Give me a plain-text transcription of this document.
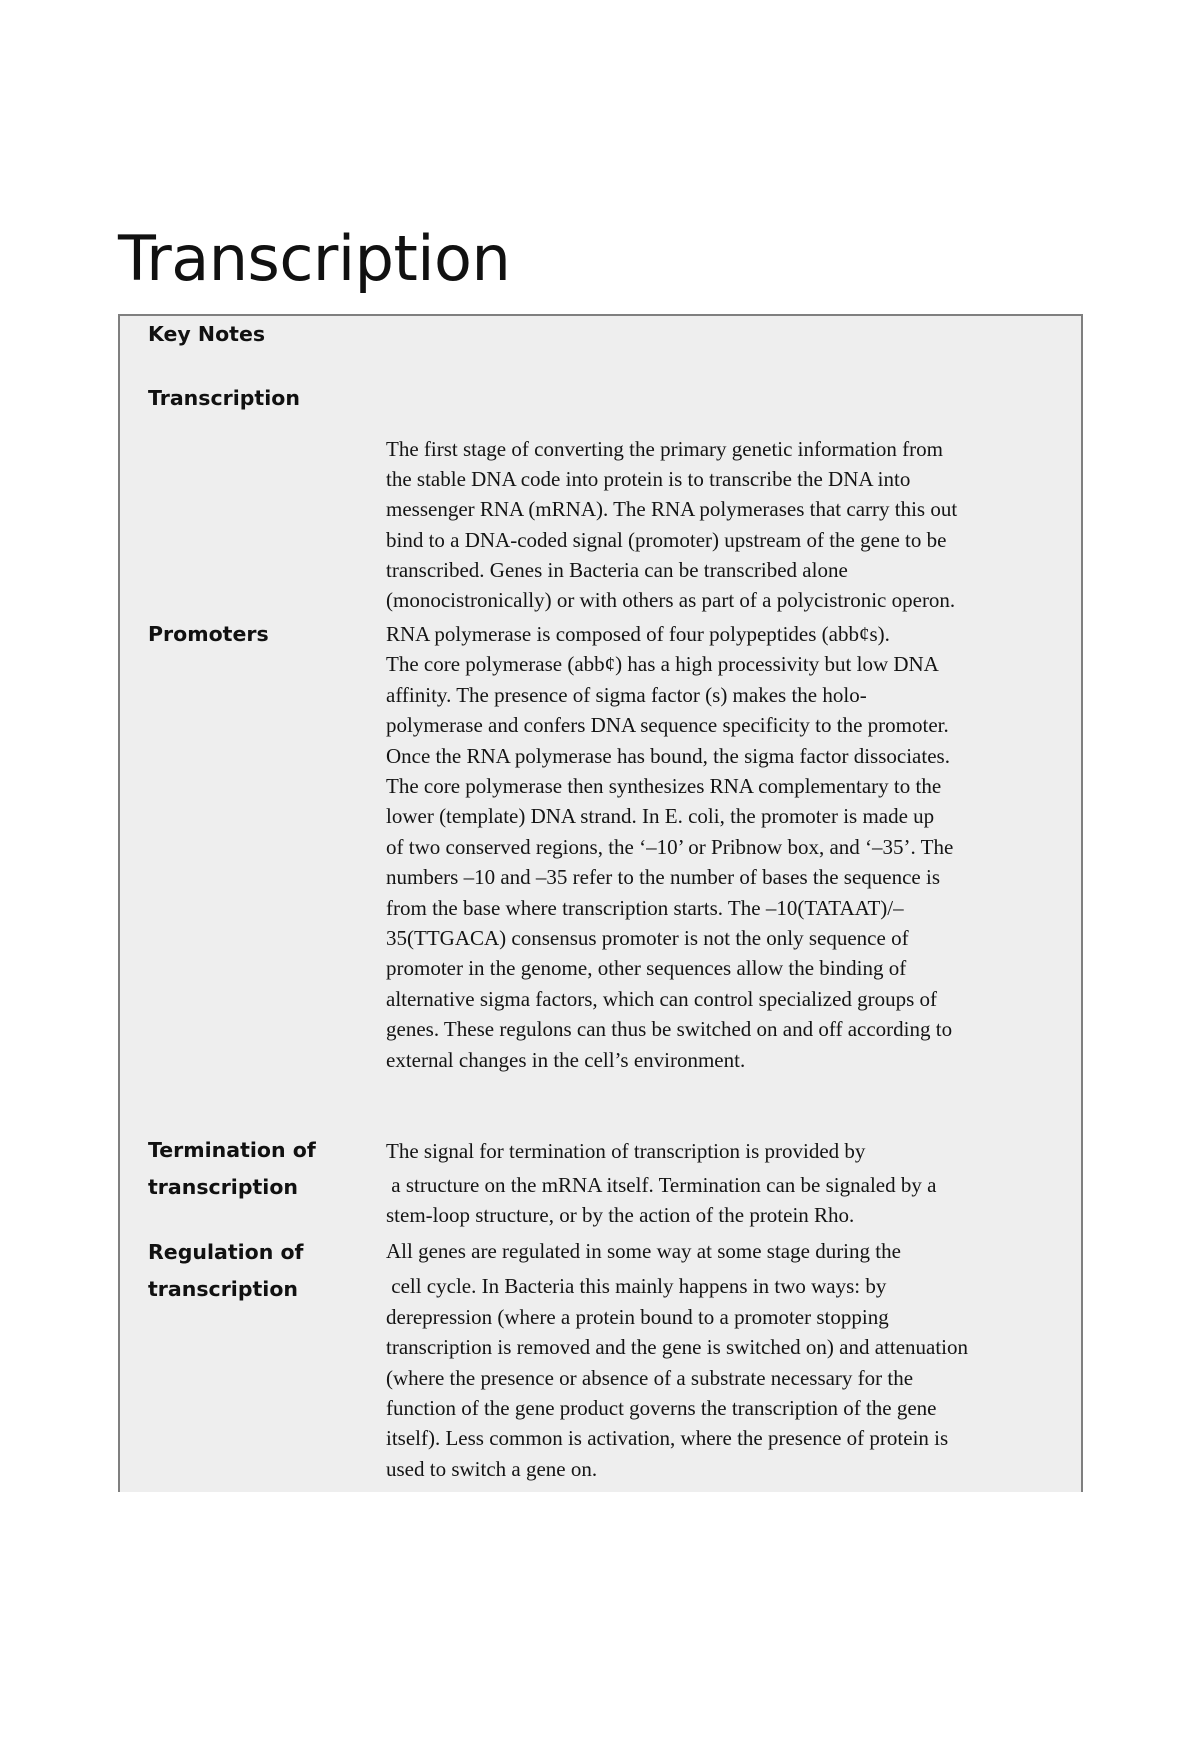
Transcription
Key Notes
Transcription
The first stage of converting the primary genetic information from
the stable DNA code into protein is to transcribe the DNA into
messenger RNA (mRNA). The RNA polymerases that carry this out
bind to a DNA-coded signal (promoter) upstream of the gene to be
transcribed. Genes in Bacteria can be transcribed alone
(monocistronically) or with others as part of a polycistronic operon.
Promoters	RNA polymerase is composed of four polypeptides (abb¢s).
The core polymerase (abb¢) has a high processivity but low DNA
affinity. The presence of sigma factor (s) makes the holo-
polymerase and confers DNA sequence specificity to the promoter.
Once the RNA polymerase has bound, the sigma factor dissociates.
The core polymerase then synthesizes RNA complementary to the
lower (template) DNA strand. In E. coli, the promoter is made up
of two conserved regions, the ‘–10’ or Pribnow box, and ‘–35’. The
numbers –10 and –35 refer to the number of bases the sequence is
from the base where transcription starts. The –10(TATAAT)/–
35(TTGACA) consensus promoter is not the only sequence of
promoter in the genome, other sequences allow the binding of
alternative sigma factors, which can control specialized groups of
genes. These regulons can thus be switched on and off according to
external changes in the cell’s environment.
Termination of
transcription
The signal for termination of transcription is provided by
a structure on the mRNA itself. Termination can be signaled by a
stem-loop structure, or by the action of the protein Rho.
Regulation of
transcription
All genes are regulated in some way at some stage during the
cell cycle. In Bacteria this mainly happens in two ways: by
derepression (where a protein bound to a promoter stopping
transcription is removed and the gene is switched on) and attenuation
(where the presence or absence of a substrate necessary for the
function of the gene product governs the transcription of the gene
itself). Less common is activation, where the presence of protein is
used to switch a gene on.
